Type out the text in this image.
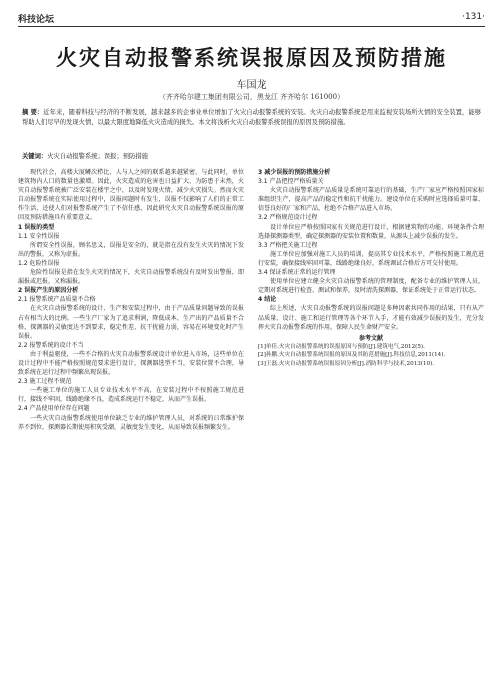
科技论坛	·131·
火灾自动报警系统误报原因及预防措施
车国龙
（齐齐哈尔建工集团有限公司，黑龙江 齐齐哈尔 161000）
摘 要：近年来，随着科技与经济的不断发展，越来越多的企事业单位增加了火灾自动报警系统的安装。火灾自动报警系统是用来监视安装场所火情的安全装置，能够帮助人们尽早的发现火情，以最大限度地降低火灾造成的损失。本文将浅析火灾自动报警系统误报的原因及预防措施。
关键词：火灾自动报警系统；误报；预防措施

现代社会，高楼大厦鳞次栉比，人与人之间的联系越来越紧密，与此同时，单位建筑物内人口的数量也激增。因此，火灾造成的危害也日益扩大，为防患于未然，火灾自动报警系统被广泛安装在楼宇之中，以及时发现火情，减少火灾损失。然而火灾自动报警系统在实际使用过程中，误报问题时有发生，误报不仅影响了人们的正常工作生活，还使人们对报警系统产生了不信任感，因此研究火灾自动报警系统误报的原因及预防措施具有重要意义。

1 误报的类型

1.1 安全性误报

所谓安全性误报，顾名思义，误报是安全的，就是指在没有发生火灾的情况下发出的警报，又称为虚报。

1.2 危险性误报

危险性误报是指在发生火灾的情况下，火灾自动报警系统没有及时发出警报，即漏报或迟报，又称漏报。

2 误报产生的原因分析

2.1 报警系统产品质量不合格

在火灾自动报警系统的设计、生产和安装过程中，由于产品质量问题导致的误报占有相当大的比例。一些生产厂家为了追求利润，降低成本，生产出的产品质量不合格，探测器的灵敏度达不到要求，稳定性差，抗干扰能力弱，容易在环境变化时产生误报。

2.2 报警系统的设计不当

由于利益驱使，一些不合格的火灾自动报警系统设计单位进入市场，这些单位在设计过程中不能严格按照规范要求进行设计，探测器选型不当，安装位置不合理，导致系统在运行过程中频繁出现误报。

2.3 施工过程不规范

一些施工单位的施工人员专业技术水平不高，在安装过程中不按照施工规范进行，接线不牢固，线路绝缘不良，造成系统运行不稳定，从而产生误报。

2.4 产品使用单位存在问题

一些火灾自动报警系统使用单位缺乏专业的维护管理人员，对系统的日常维护保养不到位，探测器长期使用积灰受潮，灵敏度发生变化，从而导致误报频繁发生。

3 减少误报的预防措施分析

3.1 产品把控严格质量关

火灾自动报警系统产品质量是系统可靠运行的基础，生产厂家应严格按照国家标准组织生产，提高产品的稳定性和抗干扰能力。建设单位在采购时应选择质量可靠、信誉良好的厂家和产品，杜绝不合格产品进入市场。

3.2 严格规范设计过程

设计单位应严格按照国家有关规范进行设计，根据建筑物的功能、环境条件合理选择探测器类型，确定探测器的安装位置和数量，从源头上减少误报的发生。

3.3 严格把关施工过程

施工单位应加强对施工人员的培训，提高其专业技术水平，严格按照施工规范进行安装，确保接线牢固可靠，线路绝缘良好，系统调试合格后方可交付使用。

3.4 保证系统正常的运行管理

使用单位应建立健全火灾自动报警系统的管理制度，配备专业的维护管理人员，定期对系统进行检查、测试和保养，及时清洗探测器，保证系统处于正常运行状态。

4 结论

综上所述，火灾自动报警系统的误报问题是多种因素共同作用的结果，只有从产品质量、设计、施工和运行管理等各个环节入手，才能有效减少误报的发生，充分发挥火灾自动报警系统的作用，保障人民生命财产安全。

参考文献

[1]单佳.火灾自动报警系统的误报原因与预防[J].建筑电气,2012(5).

[2]孙鹏.火灾自动报警系统误报的原因及其防范措施[J].科技信息,2011(14).

[3]王磊.火灾自动报警系统误报原因分析[J].消防科学与技术,2013(10).
